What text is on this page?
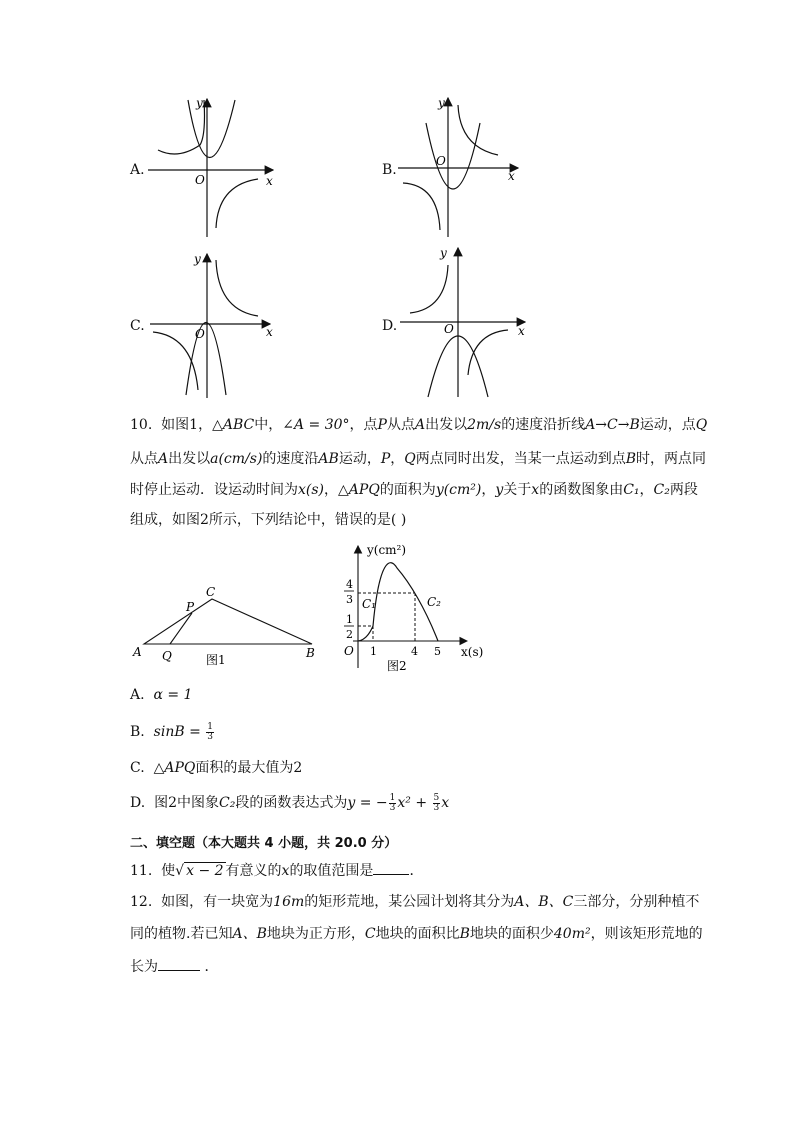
A.
O	x
y
B.
O
x
y
C.	O	x
y
D.	O	x
y
10. 如图1，△ABC中，∠A = 30°，点P从点A出发以2m/s的速度沿折线A→C→B运动，点Q
从点A出发以a(cm/s)的速度沿AB运动，P，Q两点同时出发，当某一点运动到点B时，两点同
时停止运动．设运动时间为x(s)，△APQ的面积为y(cm²)，y关于x的函数图象由C₁，C₂两段
组成，如图2所示，下列结论中，错误的是( )
A Q
P
C
B
图1
y(cm²)
x(s)
O 1	4 5
4
3
1
2
C₁	C₂
图2
A. α = 1
B. $\sin B = \frac{1}{3}$
C. △APQ面积的最大值为2
D. 图2中图象C₂段的函数表达式为y = − $\frac{1}{3} x^2 + \frac{5}{3}$ x
二、填空题（本大题共 4 小题，共 20.0 分）
11. 使√ x − 2 有意义的x的取值范围是	．
12. 如图，有一块宽为16m的矩形荒地，某公园计划将其分为A、B、C三部分，分别种植不
同的植物.若已知A、B地块为正方形，C地块的面积比B地块的面积少40m²，则该矩形荒地的
长为	．
